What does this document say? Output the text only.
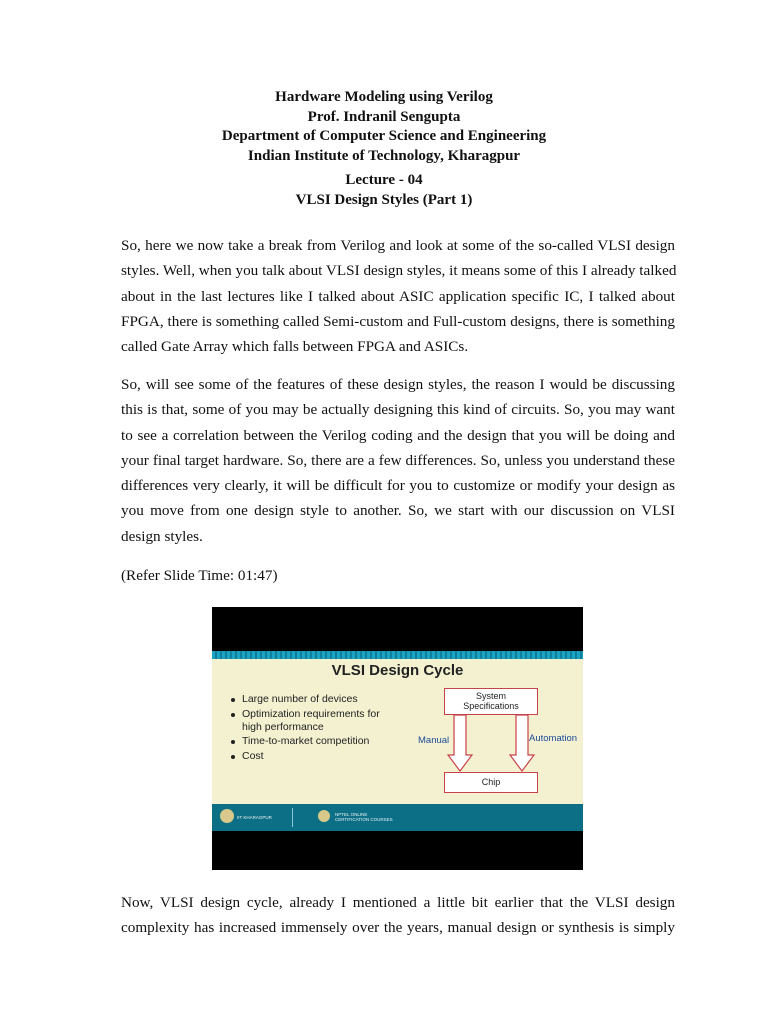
Hardware Modeling using Verilog
Prof. Indranil Sengupta
Department of Computer Science and Engineering
Indian Institute of Technology, Kharagpur
Lecture - 04
VLSI Design Styles (Part 1)

So, here we now take a break from Verilog and look at some of the so-called VLSI design
styles. Well, when you talk about VLSI design styles, it means some of this I already talked
about in the last lectures like I talked about ASIC application specific IC, I talked about
FPGA, there is something called Semi-custom and Full-custom designs, there is something
called Gate Array which falls between FPGA and ASICs.

So, will see some of the features of these design styles, the reason I would be discussing
this is that, some of you may be actually designing this kind of circuits. So, you may want
to see a correlation between the Verilog coding and the design that you will be doing and
your final target hardware. So, there are a few differences. So, unless you understand these
differences very clearly, it will be difficult for you to customize or modify your design as
you move from one design style to another. So, we start with our discussion on VLSI
design styles.

(Refer Slide Time: 01:47)

VLSI Design Cycle
Large number of devices
Optimization requirements for high performance
Time-to-market competition
Cost
System
Specifications
Chip
Manual	Automation
IIT KHARAGPUR
NPTEL ONLINE
CERTIFICATION COURSES

Now, VLSI design cycle, already I mentioned a little bit earlier that the VLSI design
complexity has increased immensely over the years, manual design or synthesis is simply
